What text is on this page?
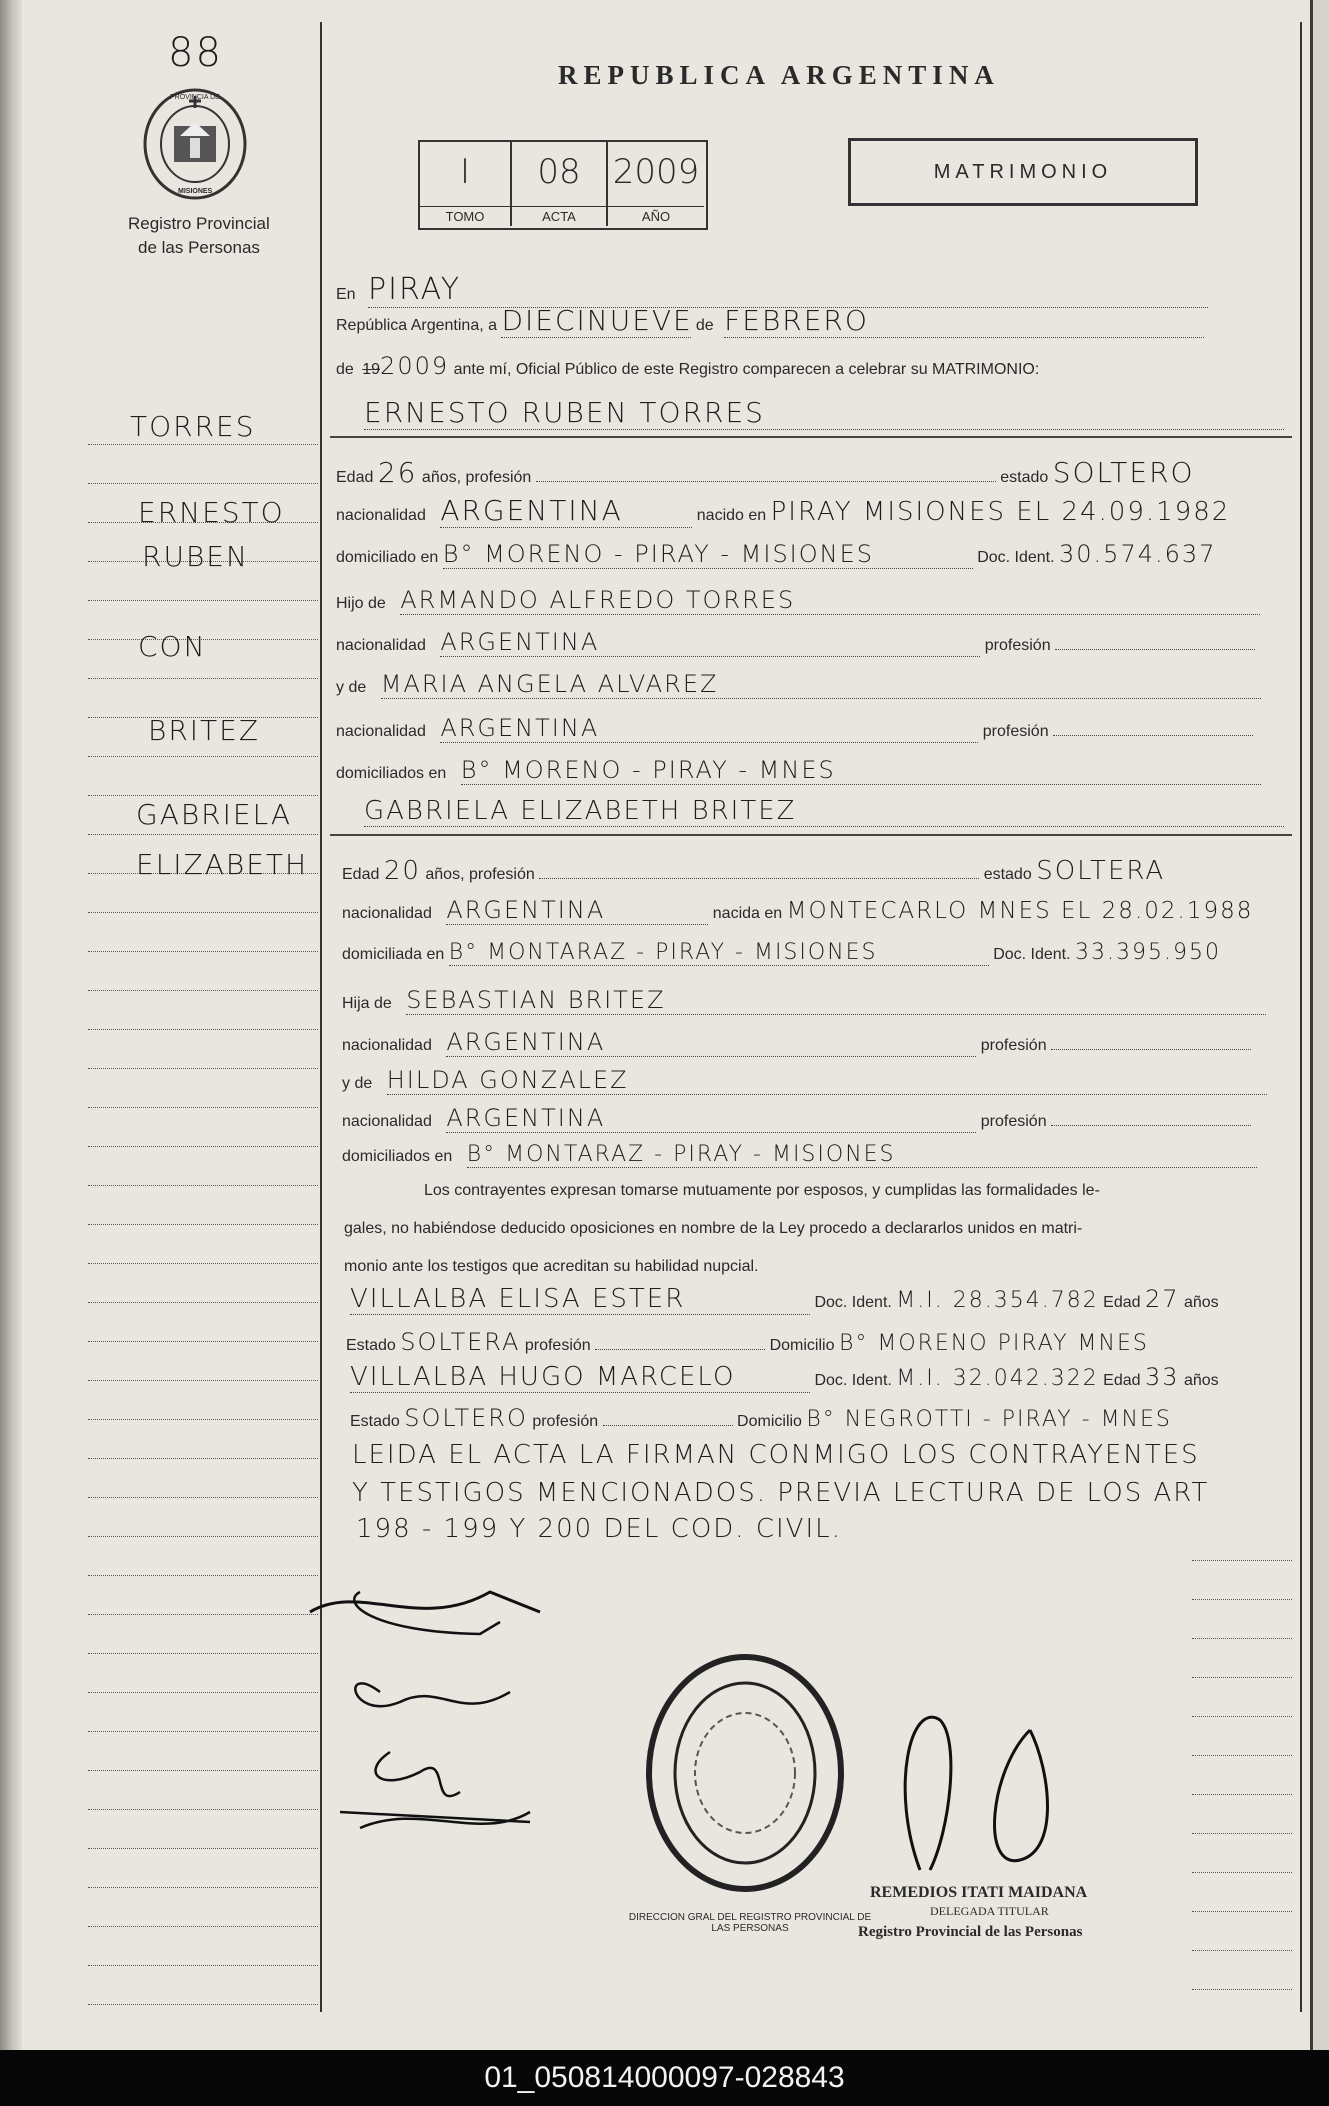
88
PROVINCIA DE
MISIONES
Registro Provincial
de las Personas
REPUBLICA ARGENTINA
I
TOMO
08
ACTA
2009
AÑO
MATRIMONIO
TORRES
ERNESTO
RUBEN
CON
BRITEZ
GABRIELA
ELIZABETH
En PIRAY
República Argentina, a DIECINUEVE de FEBRERO
de 192009 ante mí, Oficial Público de este Registro comparecen a celebrar su MATRIMONIO:
ERNESTO RUBEN TORRES
Edad 26 años, profesión	estado SOLTERO
nacionalidad ARGENTINA	nacido en PIRAY MISIONES EL 24.09.1982
domiciliado en B° MORENO - PIRAY - MISIONES	Doc. Ident. 30.574.637
Hijo de ARMANDO ALFREDO TORRES
nacionalidad ARGENTINA	profesión
y de MARIA ANGELA ALVAREZ
nacionalidad ARGENTINA	profesión
domiciliados en B° MORENO - PIRAY - MNES
GABRIELA ELIZABETH BRITEZ
Edad 20 años, profesión	estado SOLTERA
nacionalidad ARGENTINA	nacida en MONTECARLO MNES EL 28.02.1988
domiciliada en B° MONTARAZ - PIRAY - MISIONES	Doc. Ident. 33.395.950
Hija de SEBASTIAN BRITEZ
nacionalidad ARGENTINA	profesión
y de HILDA GONZALEZ
nacionalidad ARGENTINA	profesión
domiciliados en B° MONTARAZ - PIRAY - MISIONES
Los contrayentes expresan tomarse mutuamente por esposos, y cumplidas las formalidades le-
gales, no habiéndose deducido oposiciones en nombre de la Ley procedo a declararlos unidos en matri-
monio ante los testigos que acreditan su habilidad nupcial.
VILLALBA ELISA ESTER	Doc. Ident. M.I. 28.354.782 Edad 27 años
Estado SOLTERA profesión	Domicilio B° MORENO PIRAY MNES
VILLALBA HUGO MARCELO	Doc. Ident. M.I. 32.042.322 Edad 33 años
Estado SOLTERO profesión	Domicilio B° NEGROTTI - PIRAY - MNES
LEIDA EL ACTA LA FIRMAN CONMIGO LOS CONTRAYENTES
Y TESTIGOS MENCIONADOS. PREVIA LECTURA DE LOS ART
198 - 199 Y 200 DEL COD. CIVIL.
DIRECCION GRAL DEL REGISTRO PROVINCIAL DE LAS PERSONAS
REMEDIOS ITATI MAIDANA
DELEGADA TITULAR
Registro Provincial de las Personas
01_050814000097-028843
